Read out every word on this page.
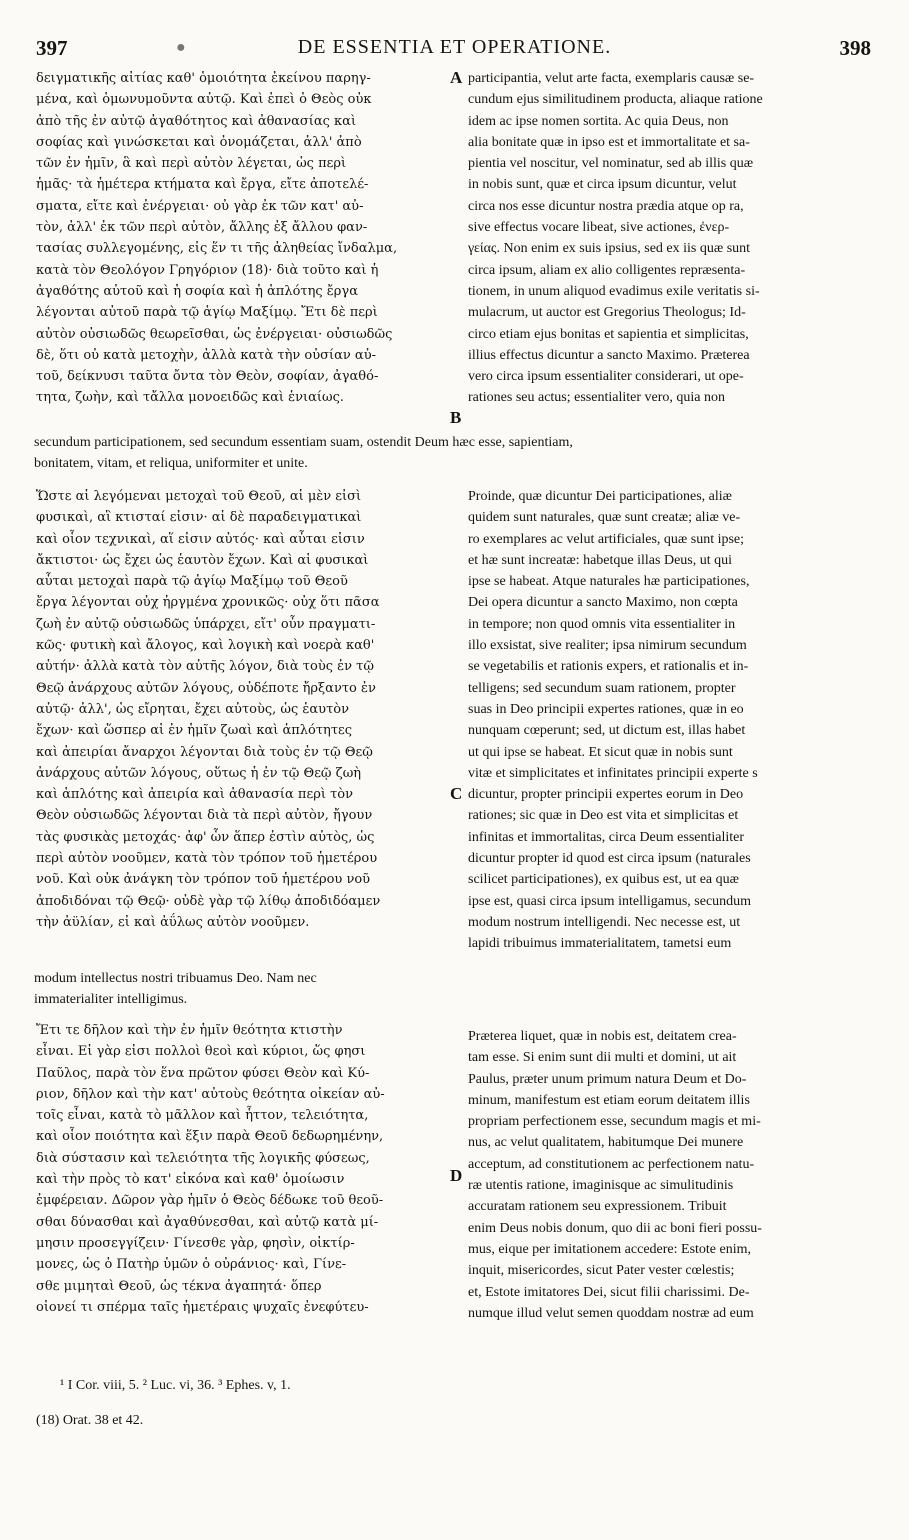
397	●	DE ESSENTIA ET OPERATIONE.	398
δειγματικῆς αἰτίας καθ' ὁμοιότητα ἐκείνου παρηγ-
μένα, καὶ ὁμωνυμοῦντα αὐτῷ. Καὶ ἐπεὶ ὁ Θεὸς οὐκ
ἀπὸ τῆς ἐν αὐτῷ ἀγαθότητος καὶ ἀθανασίας καὶ
σοφίας καὶ γινώσκεται καὶ ὀνομάζεται, ἀλλ' ἀπὸ
τῶν ἐν ἡμῖν, ἃ καὶ περὶ αὐτὸν λέγεται, ὡς περὶ
ἡμᾶς· τὰ ἡμέτερα κτήματα καὶ ἔργα, εἴτε ἀποτελέ-
σματα, εἴτε καὶ ἐνέργειαι· οὐ γὰρ ἐκ τῶν κατ' αὐ-
τὸν, ἀλλ' ἐκ τῶν περὶ αὐτὸν, ἄλλης ἐξ ἄλλου φαν-
τασίας συλλεγομένης, εἰς ἕν τι τῆς ἀληθείας ἴνδαλμα,
κατὰ τὸν Θεολόγον Γρηγόριον (18)· διὰ τοῦτο καὶ ἡ
ἀγαθότης αὐτοῦ καὶ ἡ σοφία καὶ ἡ ἁπλότης ἔργα
λέγονται αὐτοῦ παρὰ τῷ ἁγίῳ Μαξίμῳ. Ἔτι δὲ περὶ
αὐτὸν οὐσιωδῶς θεωρεῖσθαι, ὡς ἐνέργειαι· οὐσιωδῶς
δὲ, ὅτι οὐ κατὰ μετοχὴν, ἀλλὰ κατὰ τὴν οὐσίαν αὐ-
τοῦ, δείκνυσι ταῦτα ὄντα τὸν Θεὸν, σοφίαν, ἀγαθό-
τητα, ζωὴν, καὶ τἄλλα μονοειδῶς καὶ ἑνιαίως.
A participantia, velut arte facta, exemplaris causæ se-
cundum ejus similitudinem producta, aliaque ratione
idem ac ipse nomen sortita. Ac quia Deus, non
alia bonitate quæ in ipso est et immortalitate et sa-
pientia vel noscitur, vel nominatur, sed ab illis quæ
in nobis sunt, quæ et circa ipsum dicuntur, velut
circa nos esse dicuntur nostra prædia atque op ra,
sive effectus vocare libeat, sive actiones, ἐνερ-
γείας. Non enim ex suis ipsius, sed ex iis quæ sunt
circa ipsum, aliam ex alio colligentes repræsenta-
tionem, in unum aliquod evadimus exile veritatis si-
mulacrum, ut auctor est Gregorius Theologus; Id-
circo etiam ejus bonitas et sapientia et simplicitas,
illius effectus dicuntur a sancto Maximo. Præterea
vero circa ipsum essentialiter considerari, ut ope-
rationes seu actus; essentialiter vero, quia non
B
secundum participationem, sed secundum essentiam suam, ostendit Deum hæc esse, sapientiam,
bonitatem, vitam, et reliqua, uniformiter et unite.
Ὥστε αἱ λεγόμεναι μετοχαὶ τοῦ Θεοῦ, αἱ μὲν εἰσὶ
φυσικαὶ, αἳ κτισταί εἰσιν· αἱ δὲ παραδειγματικαὶ
καὶ οἷον τεχνικαὶ, αἵ εἰσιν αὐτός· καὶ αὗται εἰσιν
ἄκτιστοι· ὡς ἔχει ὡς ἑαυτὸν ἔχων. Καὶ αἱ φυσικαὶ
αὗται μετοχαὶ παρὰ τῷ ἁγίῳ Μαξίμῳ τοῦ Θεοῦ
ἔργα λέγονται οὐχ ἠργμένα χρονικῶς· οὐχ ὅτι πᾶσα
ζωὴ ἐν αὐτῷ οὐσιωδῶς ὑπάρχει, εἴτ' οὖν πραγματι-
κῶς· φυτικὴ καὶ ἄλογος, καὶ λογικὴ καὶ νοερὰ καθ'
αὑτήν· ἀλλὰ κατὰ τὸν αὐτῆς λόγον, διὰ τοὺς ἐν τῷ
Θεῷ ἀνάρχους αὐτῶν λόγους, οὐδέποτε ἤρξαντο ἐν
αὐτῷ· ἀλλ', ὡς εἴρηται, ἔχει αὐτοὺς, ὡς ἑαυτὸν
ἔχων· καὶ ὥσπερ αἱ ἐν ἡμῖν ζωαὶ καὶ ἁπλότητες
καὶ ἀπειρίαι ἄναρχοι λέγονται διὰ τοὺς ἐν τῷ Θεῷ
ἀνάρχους αὐτῶν λόγους, οὕτως ἡ ἐν τῷ Θεῷ ζωὴ
καὶ ἁπλότης καὶ ἀπειρία καὶ ἀθανασία περὶ τὸν
Θεὸν οὐσιωδῶς λέγονται διὰ τὰ περὶ αὐτὸν, ἤγουν
τὰς φυσικὰς μετοχάς· ἀφ' ὧν ἅπερ ἐστὶν αὐτὸς, ὡς
περὶ αὐτὸν νοοῦμεν, κατὰ τὸν τρόπον τοῦ ἡμετέρου
νοῦ. Καὶ οὐκ ἀνάγκη τὸν τρόπον τοῦ ἡμετέρου νοῦ
ἀποδιδόναι τῷ Θεῷ· οὐδὲ γὰρ τῷ λίθῳ ἀποδιδόαμεν
τὴν ἀϋλίαν, εἰ καὶ ἀΰλως αὐτὸν νοοῦμεν.
C
Proinde, quæ dicuntur Dei participationes, aliæ
quidem sunt naturales, quæ sunt creatæ; aliæ ve-
ro exemplares ac velut artificiales, quæ sunt ipse;
et hæ sunt increatæ: habetque illas Deus, ut qui
ipse se habeat. Atque naturales hæ participationes,
Dei opera dicuntur a sancto Maximo, non cœpta
in tempore; non quod omnis vita essentialiter in
illo exsistat, sive realiter; ipsa nimirum secundum
se vegetabilis et rationis expers, et rationalis et in-
telligens; sed secundum suam rationem, propter
suas in Deo principii expertes rationes, quæ in eo
nunquam cœperunt; sed, ut dictum est, illas habet
ut qui ipse se habeat. Et sicut quæ in nobis sunt
vitæ et simplicitates et infinitates principii experte s
dicuntur, propter principii expertes eorum in Deo
rationes; sic quæ in Deo est vita et simplicitas et
infinitas et immortalitas, circa Deum essentialiter
dicuntur propter id quod est circa ipsum (naturales
scilicet participationes), ex quibus est, ut ea quæ
ipse est, quasi circa ipsum intelligamus, secundum
modum nostrum intelligendi. Nec necesse est, ut
lapidi tribuimus immaterialitatem, tametsi eum
modum intellectus nostri tribuamus Deo. Nam nec
immaterialiter intelligimus.
Ἔτι τε δῆλον καὶ τὴν ἐν ἡμῖν θεότητα κτιστὴν
εἶναι. Εἰ γὰρ εἰσι πολλοὶ θεοὶ καὶ κύριοι, ὥς φησι
Παῦλος, παρὰ τὸν ἕνα πρῶτον φύσει Θεὸν καὶ Κύ-
ριον, δῆλον καὶ τὴν κατ' αὐτοὺς θεότητα οἰκείαν αὐ-
τοῖς εἶναι, κατὰ τὸ μᾶλλον καὶ ἧττον, τελειότητα,
καὶ οἷον ποιότητα καὶ ἕξιν παρὰ Θεοῦ δεδωρημένην,
διὰ σύστασιν καὶ τελειότητα τῆς λογικῆς φύσεως,
καὶ τὴν πρὸς τὸ κατ' εἰκόνα καὶ καθ' ὁμοίωσιν
ἐμφέρειαν. Δῶρον γὰρ ἡμῖν ὁ Θεὸς δέδωκε τοῦ θεοῦ-
σθαι δύνασθαι καὶ ἀγαθύνεσθαι, καὶ αὐτῷ κατὰ μί-
μησιν προσεγγίζειν· Γίνεσθε γὰρ, φησὶν, οἰκτίρ-
μονες, ὡς ὁ Πατὴρ ὑμῶν ὁ οὐράνιος· καὶ, Γίνε-
σθε μιμηταὶ Θεοῦ, ὡς τέκνα ἀγαπητά· ὅπερ
οἱονεί τι σπέρμα ταῖς ἡμετέραις ψυχαῖς ἐνεφύτευ-
D
Præterea liquet, quæ in nobis est, deitatem crea-
tam esse. Si enim sunt dii multi et domini, ut ait
Paulus, præter unum primum natura Deum et Do-
minum, manifestum est etiam eorum deitatem illis
propriam perfectionem esse, secundum magis et mi-
nus, ac velut qualitatem, habitumque Dei munere
acceptum, ad constitutionem ac perfectionem natu-
ræ utentis ratione, imaginisque ac simulitudinis
accuratam rationem seu expressionem. Tribuit
enim Deus nobis donum, quo dii ac boni fieri possu-
mus, eique per imitationem accedere: Estote enim,
inquit, misericordes, sicut Pater vester cœlestis;
et, Estote imitatores Dei, sicut filii charissimi. De-
numque illud velut semen quoddam nostræ ad eum
¹ I Cor. viii, 5. ² Luc. vi, 36. ³ Ephes. v, 1.
(18) Orat. 38 et 42.
